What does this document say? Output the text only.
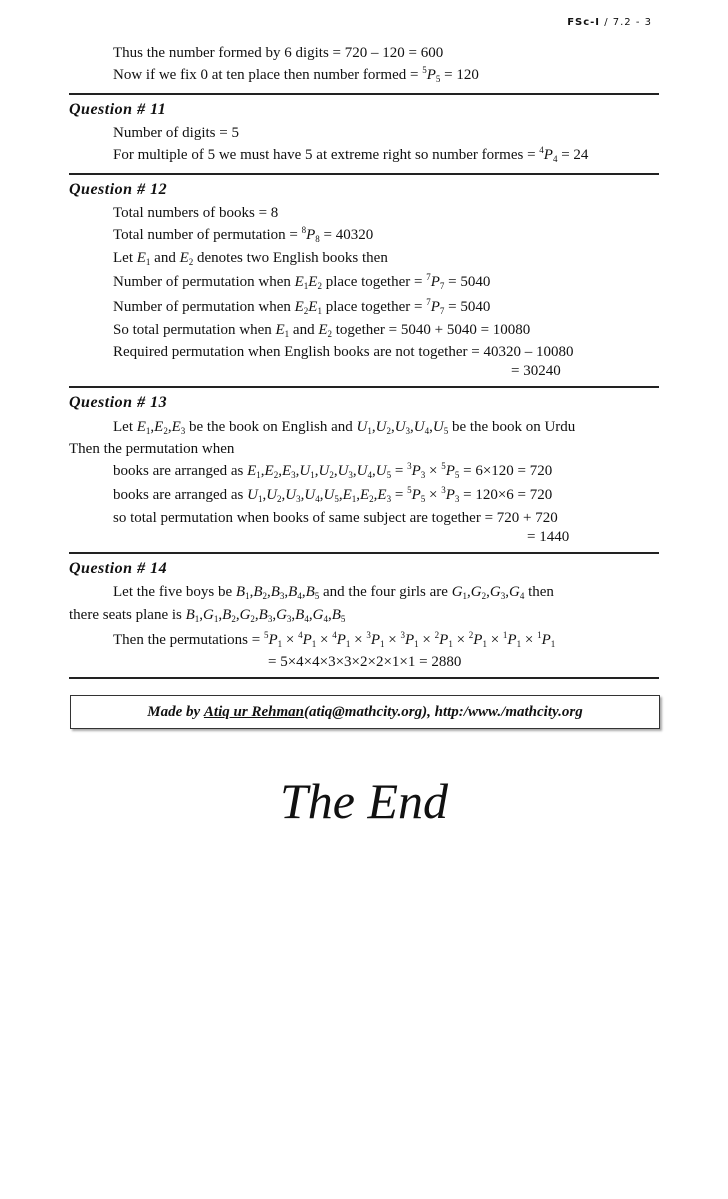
FSc-I / 7.2 - 3
Thus the number formed by 6 digits = 720 – 120 = 600
Now if we fix 0 at ten place then number formed = $^5P_5 = 120$
Question # 11
Number of digits = 5
For multiple of 5 we must have 5 at extreme right so number formes = $^4P_4 = 24$
Question # 12
Total numbers of books = 8
Total number of permutation = $^8P_8 = 40320$
Let $E_1$ and $E_2$ denotes two English books then
Number of permutation when $E_1E_2$ place together = $^7P_7 = 5040$
Number of permutation when $E_2E_1$ place together = $^7P_7 = 5040$
So total permutation when $E_1$ and $E_2$ together = 5040 + 5040 = 10080
Required permutation when English books are not together = 40320 – 10080
= 30240
Question # 13
Let $E_1,E_2,E_3$ be the book on English and $U_1,U_2,U_3,U_4,U_5$ be the book on Urdu
Then the permutation when
books are arranged as $E_1,E_2,E_3,U_1,U_2,U_3,U_4,U_5 = ^3P_3 \times ^5P_5 = 6\times 120 = 720$
books are arranged as $U_1,U_2,U_3,U_4,U_5,E_1,E_2,E_3 = ^5P_5 \times ^3P_3 = 120\times 6 = 720$
so total permutation when books of same subject are together = 720 + 720
= 1440
Question # 14
Let the five boys be $B_1,B_2,B_3,B_4,B_5$ and the four girls are $G_1,G_2,G_3,G_4$ then
there seats plane is $B_1,G_1,B_2,G_2,B_3,G_3,B_4,G_4,B_5$
Then the permutations = $^5P_1 \times ^4P_1 \times ^4P_1 \times ^3P_1 \times ^3P_1 \times ^2P_1 \times ^2P_1 \times ^1P_1 \times ^1P_1$
= 5×4×4×3×3×2×2×1×1 = 2880
Made by
Atiq ur Rehman (atiq@mathcity.org), http:/www./mathcity.org
The End
